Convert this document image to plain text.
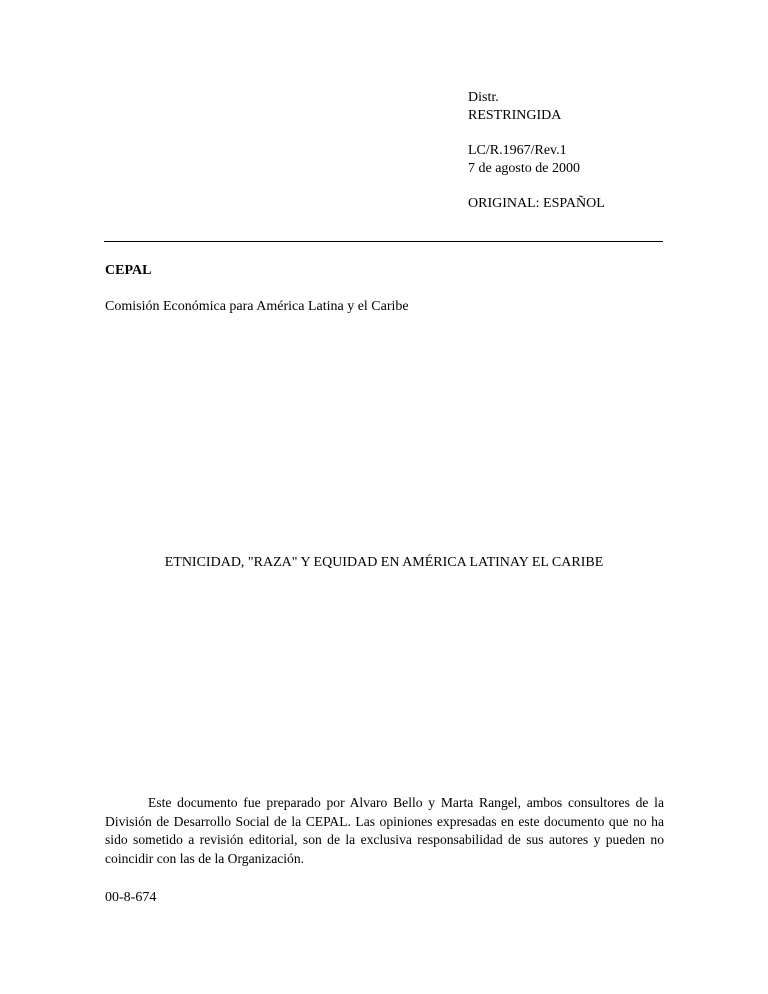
Distr.
RESTRINGIDA
LC/R.1967/Rev.1
7 de agosto de 2000
ORIGINAL: ESPAÑOL
CEPAL
Comisión Económica para América Latina y el Caribe
ETNICIDAD, "RAZA" Y EQUIDAD EN AMÉRICA LATINAY EL CARIBE
Este documento fue preparado por Alvaro Bello y Marta Rangel, ambos consultores de la División de Desarrollo Social de la CEPAL. Las opiniones expresadas en este documento que no ha sido sometido a revisión editorial, son de la exclusiva responsabilidad de sus autores y pueden no coincidir con las de la Organización.
00-8-674
